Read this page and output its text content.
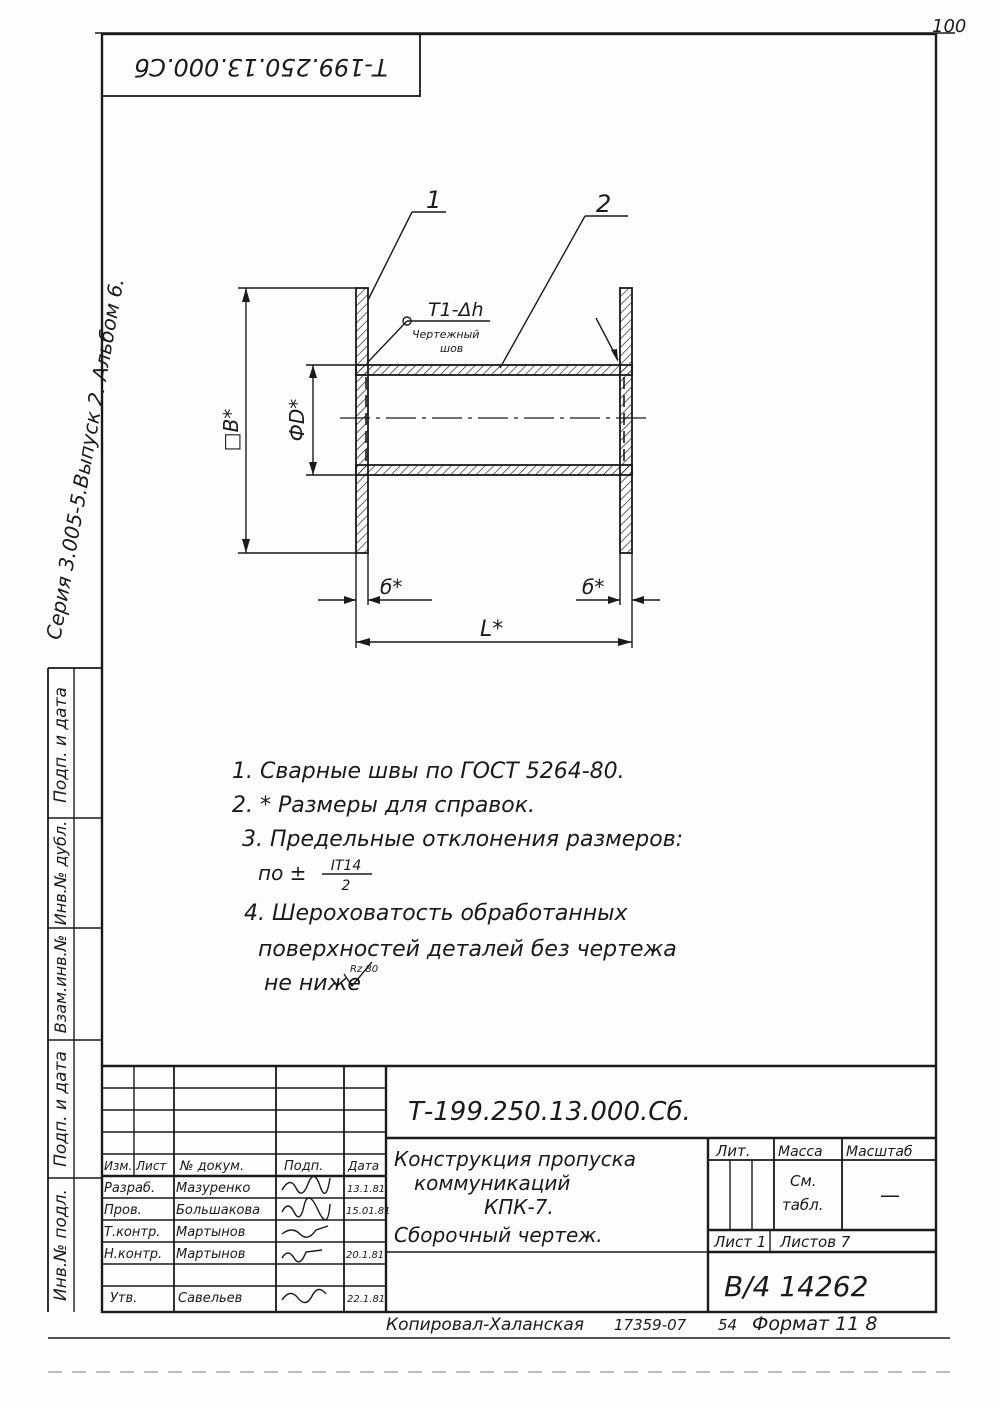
100
Т-199.250.13.000.Сб
Подп. и дата
Инв.№ дубл.
Взам.инв.№
Подп. и дата
Инв.№ подл.
Серия 3.005-5.Выпуск 2. Альбом 6.
1	2
Т1-Δh
Чертежный
шов
□В* ФD*
б*	б*
L*
1. Сварные швы по ГОСТ 5264-80.
2. * Размеры для справок.
3. Предельные отклонения размеров:
по ± IT14
2
4. Шероховатость обработанных
поверхностей деталей без чертежа
не ниже
Rz 80
Изм. Лист № докум.	Подп. Дата
Разраб. Мазуренко	13.1.81
Пров.	Большакова	15.01.81
Т.контр. Мартынов
Н.контр. Мартынов	20.1.81
Утв.	Савельев	22.1.81
Т-199.250.13.000.Сб.
Конструкция пропуска
коммуникаций
КПК-7.
Сборочный чертеж.
Лит. Масса Масштаб
См.
табл.	—
Лист 1 Листов 7
В/4 14262
Копировал-Халанская 17359-07 54 Формат 11 8
